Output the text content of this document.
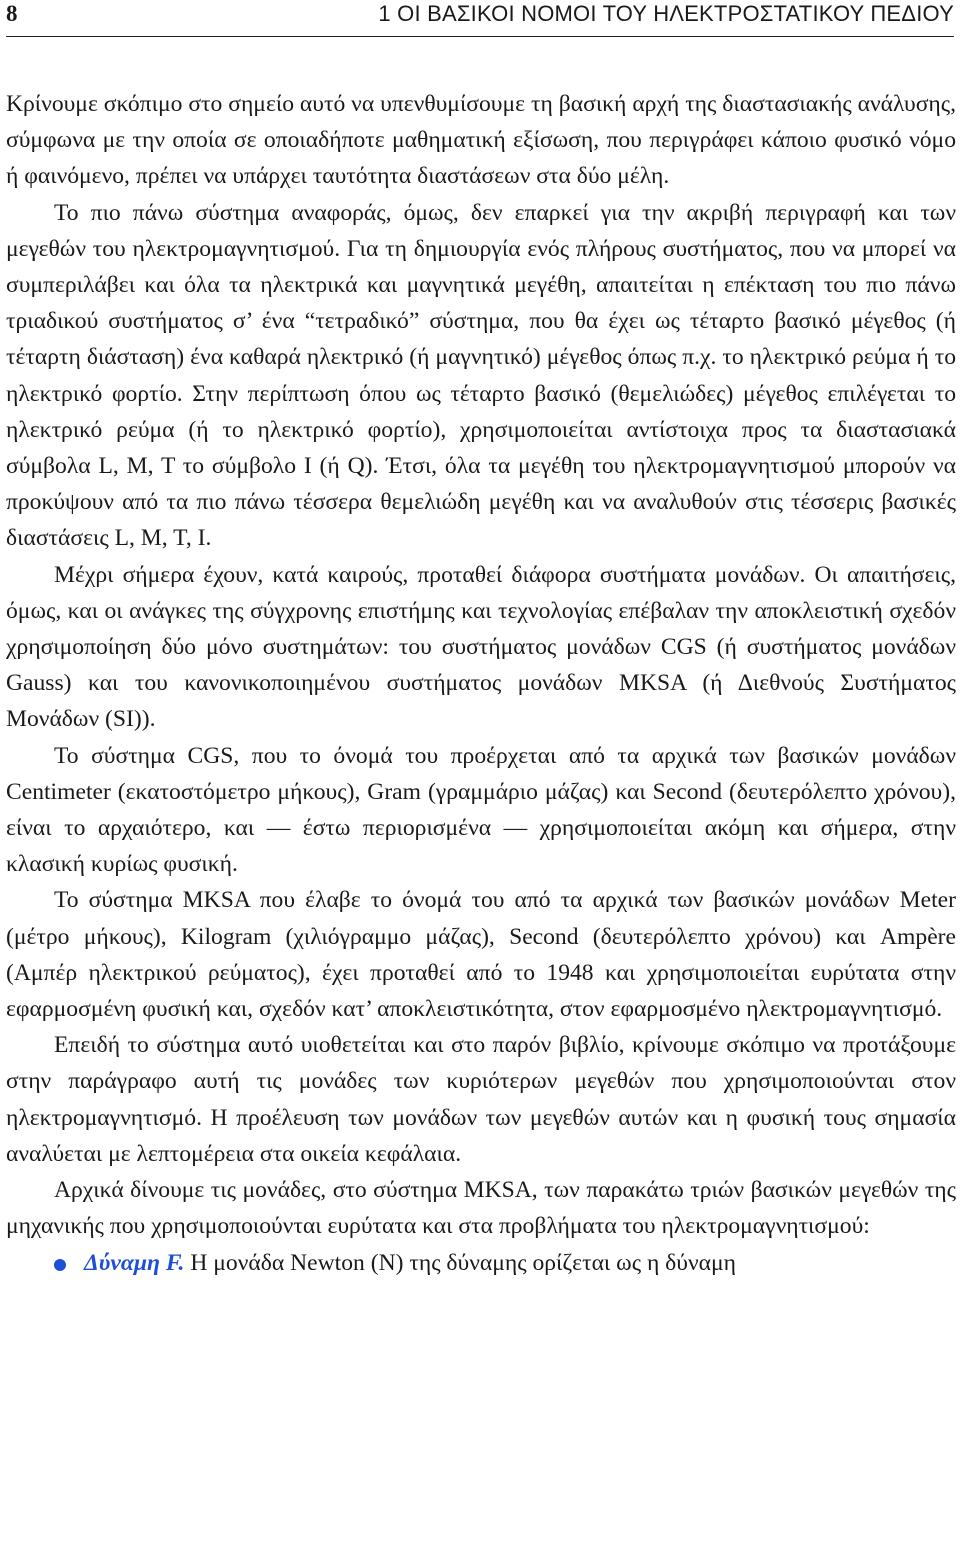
8	1 ΟΙ ΒΑΣΙΚΟΙ ΝΟΜΟΙ ΤΟΥ ΗΛΕΚΤΡΟΣΤΑΤΙΚΟΥ ΠΕΔΙΟΥ

Κρίνουμε σκόπιμο στο σημείο αυτό να υπενθυμίσουμε τη βασική αρχή της διαστασιακής ανάλυσης, σύμφωνα με την οποία σε οποιαδήποτε μαθηματική εξίσωση, που περιγράφει κάποιο φυσικό νόμο ή φαινόμενο, πρέπει να υπάρχει ταυτότητα διαστάσεων στα δύο μέλη.

Το πιο πάνω σύστημα αναφοράς, όμως, δεν επαρκεί για την ακριβή περιγραφή και των μεγεθών του ηλεκτρομαγνητισμού. Για τη δημιουργία ενός πλήρους συστήματος, που να μπορεί να συμπεριλάβει και όλα τα ηλεκτρικά και μαγνητικά μεγέθη, απαιτείται η επέκταση του πιο πάνω τριαδικού συστήματος σ’ ένα “τετραδικό” σύστημα, που θα έχει ως τέταρτο βασικό μέγεθος (ή τέταρτη διάσταση) ένα καθαρά ηλεκτρικό (ή μαγνητικό) μέγεθος όπως π.χ. το ηλεκτρικό ρεύμα ή το ηλεκτρικό φορτίο. Στην περίπτωση όπου ως τέταρτο βασικό (θεμελιώδες) μέγεθος επιλέγεται το ηλεκτρικό ρεύμα (ή το ηλεκτρικό φορτίο), χρησιμοποιείται αντίστοιχα προς τα διαστασιακά σύμβολα L, M, T το σύμβολο I (ή Q). Έτσι, όλα τα μεγέθη του ηλεκτρομαγνητισμού μπορούν να προκύψουν από τα πιο πάνω τέσσερα θεμελιώδη μεγέθη και να αναλυθούν στις τέσσερις βασικές διαστάσεις L, M, T, I.

Μέχρι σήμερα έχουν, κατά καιρούς, προταθεί διάφορα συστήματα μονάδων. Οι απαιτήσεις, όμως, και οι ανάγκες της σύγχρονης επιστήμης και τεχνολογίας επέβαλαν την αποκλειστική σχεδόν χρησιμοποίηση δύο μόνο συστημάτων: του συστήματος μονάδων CGS (ή συστήματος μονάδων Gauss) και του κανονικοποιημένου συστήματος μονάδων MKSA (ή Διεθνούς Συστήματος Μονάδων (SI)).

Το σύστημα CGS, που το όνομά του προέρχεται από τα αρχικά των βασικών μονάδων Centimeter (εκατοστόμετρο μήκους), Gram (γραμμάριο μάζας) και Second (δευτερόλεπτο χρόνου), είναι το αρχαιότερο, και — έστω περιορισμένα — χρησιμοποιείται ακόμη και σήμερα, στην κλασική κυρίως φυσική.

Το σύστημα MKSA που έλαβε το όνομά του από τα αρχικά των βασικών μονάδων Meter (μέτρο μήκους), Kilogram (χιλιόγραμμο μάζας), Second (δευτερόλεπτο χρόνου) και Ampère (Αμπέρ ηλεκτρικού ρεύματος), έχει προταθεί από το 1948 και χρησιμοποιείται ευρύτατα στην εφαρμοσμένη φυσική και, σχεδόν κατ’ αποκλειστικότητα, στον εφαρμοσμένο ηλεκτρομαγνητισμό.

Επειδή το σύστημα αυτό υιοθετείται και στο παρόν βιβλίο, κρίνουμε σκόπιμο να προτάξουμε στην παράγραφο αυτή τις μονάδες των κυριότερων μεγεθών που χρησιμοποιούνται στον ηλεκτρομαγνητισμό. Η προέλευση των μονάδων των μεγεθών αυτών και η φυσική τους σημασία αναλύεται με λεπτομέρεια στα οικεία κεφάλαια.

Αρχικά δίνουμε τις μονάδες, στο σύστημα MKSA, των παρακάτω τριών βασικών μεγεθών της μηχανικής που χρησιμοποιούνται ευρύτατα και στα προβλήματα του ηλεκτρομαγνητισμού:

Δύναμη F. Η μονάδα Newton (N) της δύναμης ορίζεται ως η δύναμη
